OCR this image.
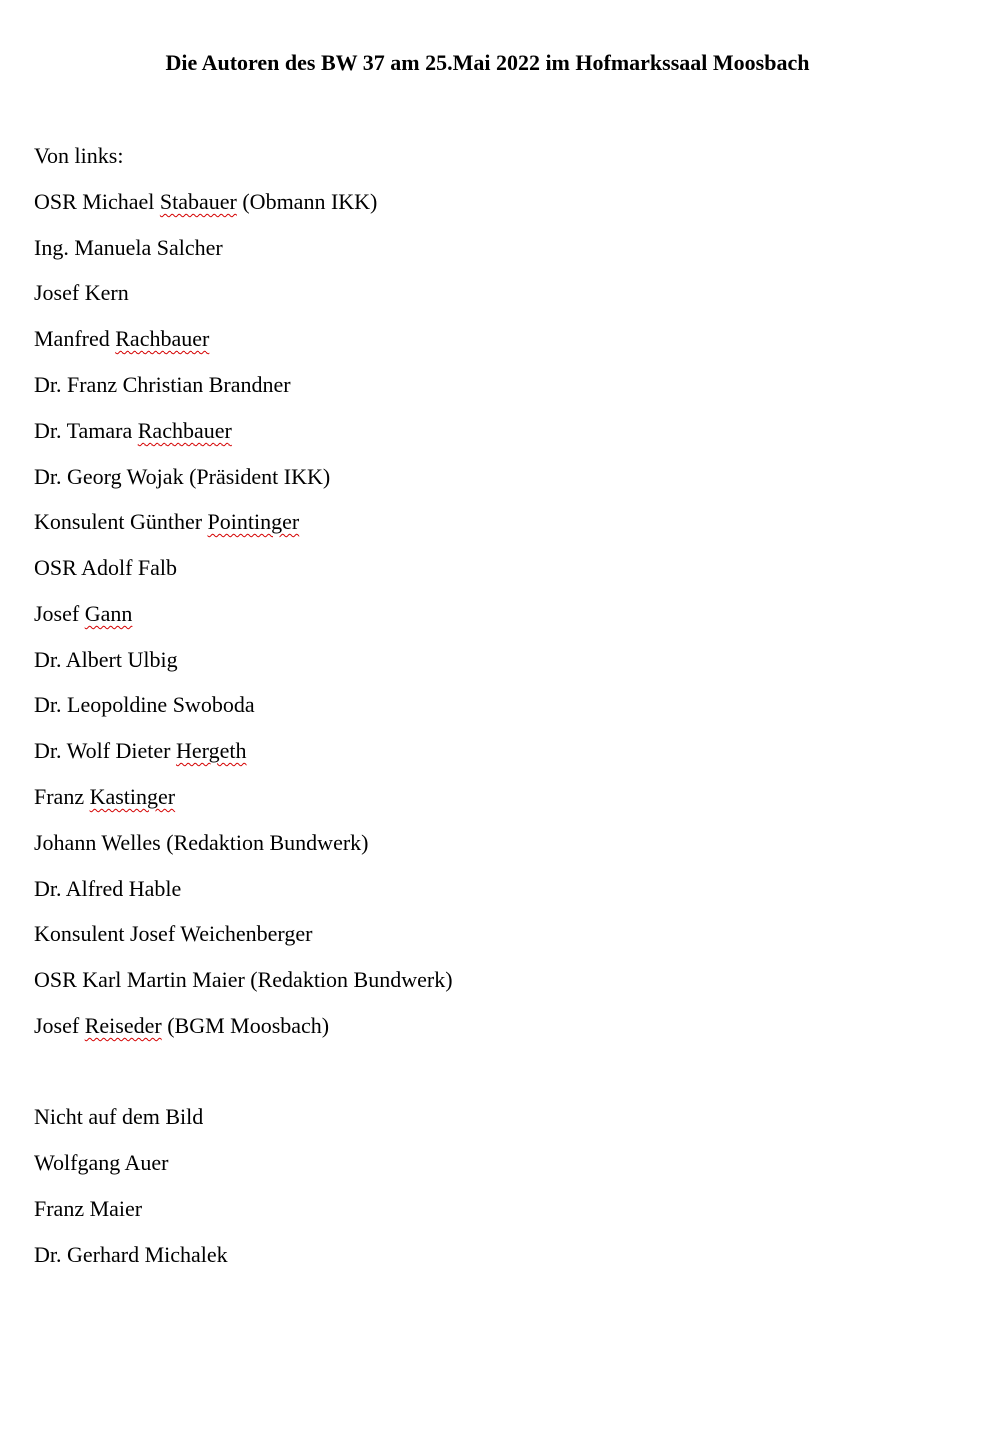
Die Autoren des BW 37 am 25.Mai 2022 im Hofmarkssaal Moosbach
Von links:
OSR Michael Stabauer (Obmann IKK)
Ing. Manuela Salcher
Josef Kern
Manfred Rachbauer
Dr. Franz Christian Brandner
Dr. Tamara Rachbauer
Dr. Georg Wojak (Präsident IKK)
Konsulent Günther Pointinger
OSR Adolf Falb
Josef Gann
Dr. Albert Ulbig
Dr. Leopoldine Swoboda
Dr. Wolf Dieter Hergeth
Franz Kastinger
Johann Welles (Redaktion Bundwerk)
Dr. Alfred Hable
Konsulent Josef Weichenberger
OSR Karl Martin Maier (Redaktion Bundwerk)
Josef Reiseder (BGM Moosbach)
Nicht auf dem Bild
Wolfgang Auer
Franz Maier
Dr. Gerhard Michalek
